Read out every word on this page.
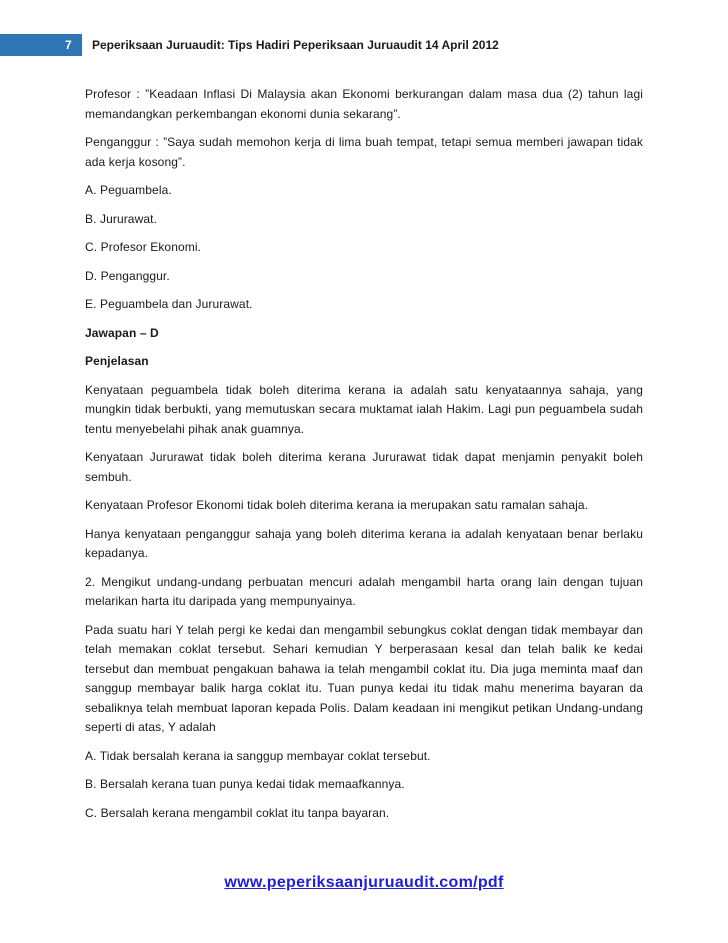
7	Peperiksaan Juruaudit: Tips Hadiri Peperiksaan Juruaudit 14 April 2012

Profesor : ”Keadaan Inflasi Di Malaysia akan Ekonomi berkurangan dalam masa dua (2) tahun lagi memandangkan perkembangan ekonomi dunia sekarang”.

Penganggur : ”Saya sudah memohon kerja di lima buah tempat, tetapi semua memberi jawapan tidak ada kerja kosong”.

A. Peguambela.

B. Jururawat.

C. Profesor Ekonomi.

D. Penganggur.

E. Peguambela dan Jururawat.

Jawapan – D

Penjelasan

Kenyataan peguambela tidak boleh diterima kerana ia adalah satu kenyataannya sahaja, yang mungkin tidak berbukti, yang memutuskan secara muktamat ialah Hakim. Lagi pun peguambela sudah tentu menyebelahi pihak anak guamnya.

Kenyataan Jururawat tidak boleh diterima kerana Jururawat tidak dapat menjamin penyakit boleh sembuh.

Kenyataan Profesor Ekonomi tidak boleh diterima kerana ia merupakan satu ramalan sahaja.

Hanya kenyataan penganggur sahaja yang boleh diterima kerana ia adalah kenyataan benar berlaku kepadanya.

2. Mengikut undang-undang perbuatan mencuri adalah mengambil harta orang lain dengan tujuan melarikan harta itu daripada yang mempunyainya.

Pada suatu hari Y telah pergi ke kedai dan mengambil sebungkus coklat dengan tidak membayar dan telah memakan coklat tersebut. Sehari kemudian Y berperasaan kesal dan telah balik ke kedai tersebut dan membuat pengakuan bahawa ia telah mengambil coklat itu. Dia juga meminta maaf dan sanggup membayar balik harga coklat itu. Tuan punya kedai itu tidak mahu menerima bayaran da sebaliknya telah membuat laporan kepada Polis. Dalam keadaan ini mengikut petikan Undang-undang seperti di atas, Y adalah

A. Tidak bersalah kerana ia sanggup membayar coklat tersebut.

B. Bersalah kerana tuan punya kedai tidak memaafkannya.

C. Bersalah kerana mengambil coklat itu tanpa bayaran.

www.peperiksaanjuruaudit.com/pdf
